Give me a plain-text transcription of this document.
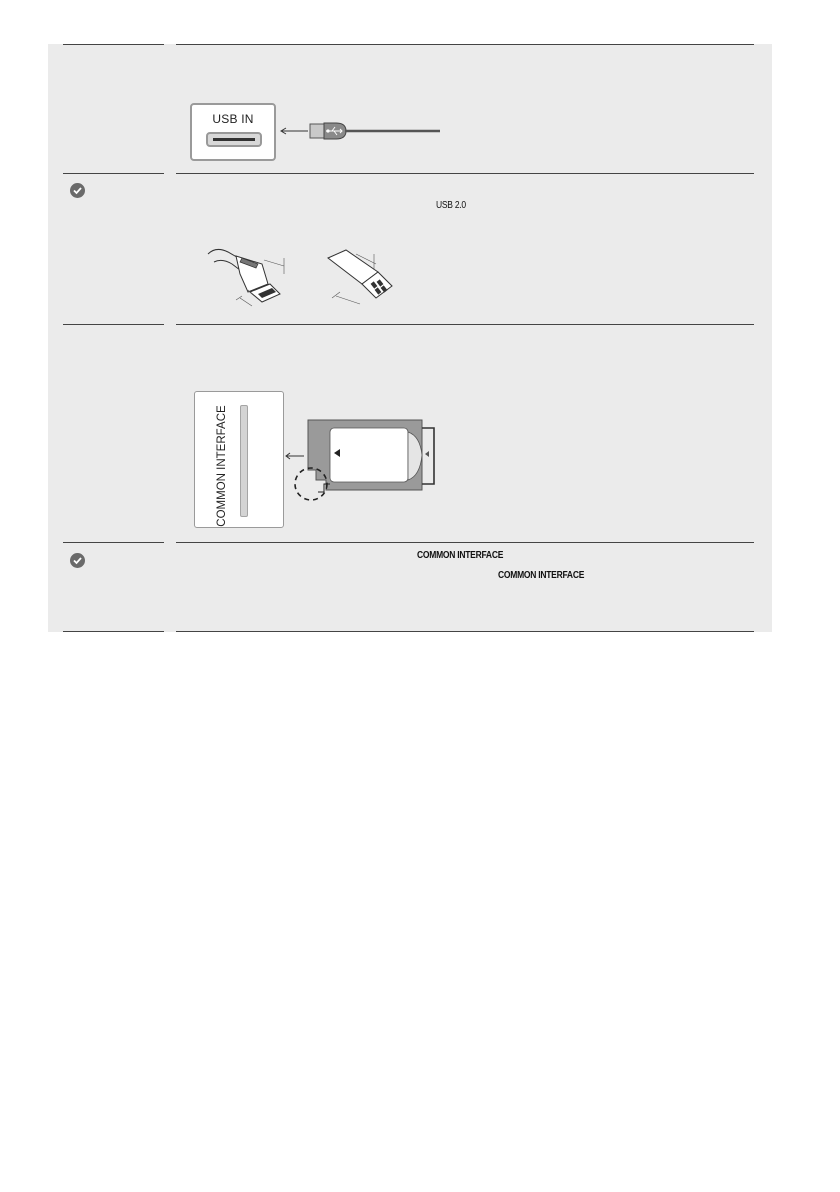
USB IN
USB 2.0
COMMON INTERFACE
COMMON INTERFACE
COMMON INTERFACE
